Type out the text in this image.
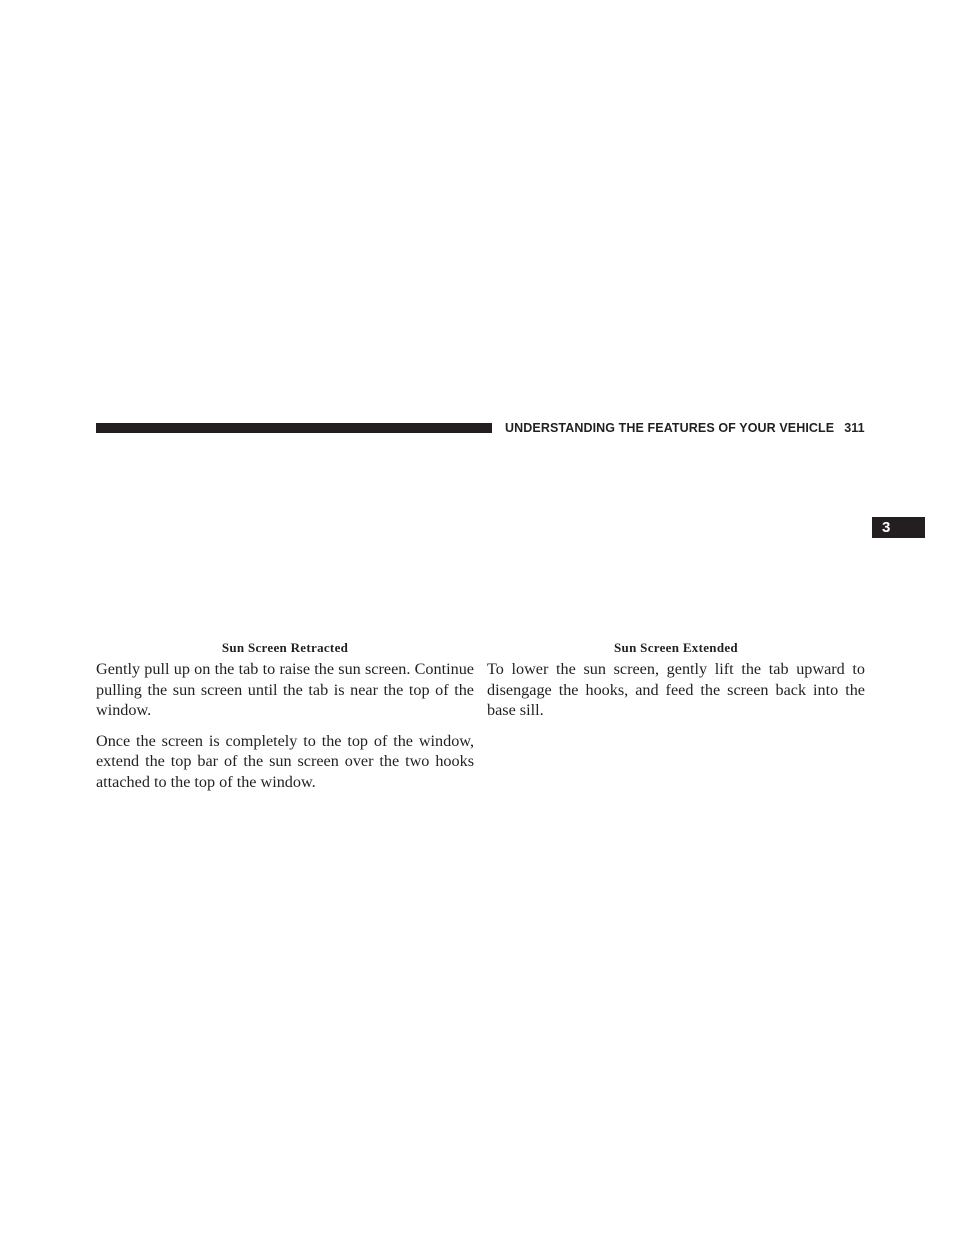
UNDERSTANDING THE FEATURES OF YOUR VEHICLE 311
3
Sun Screen Retracted

Gently pull up on the tab to raise the sun screen. Continue pulling the sun screen until the tab is near the top of the window.

Once the screen is completely to the top of the window, extend the top bar of the sun screen over the two hooks attached to the top of the window.

Sun Screen Extended

To lower the sun screen, gently lift the tab upward to disengage the hooks, and feed the screen back into the base sill.
